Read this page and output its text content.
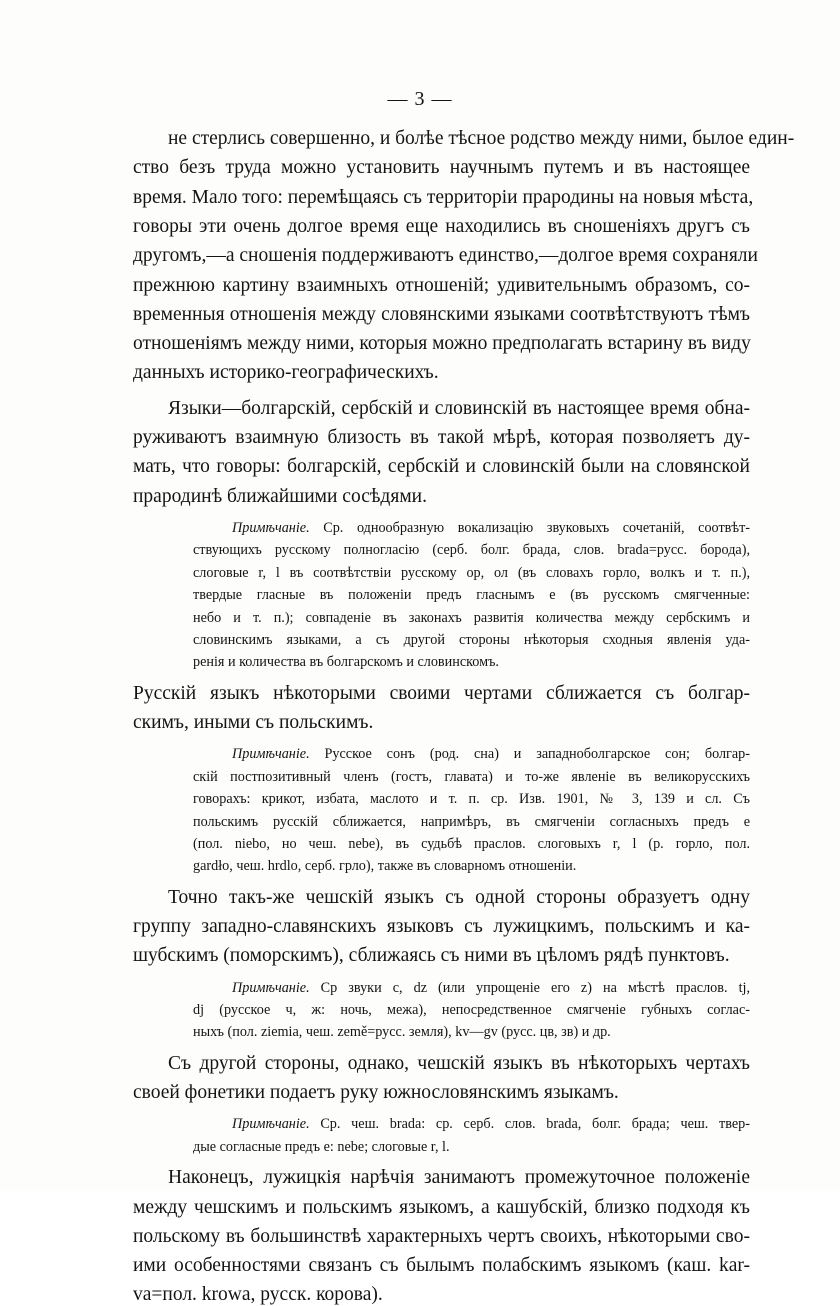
— 3 —
не стерлись совершенно, и болѣе тѣсное родство между ними, былое един-
ство безъ труда можно установить научнымъ путемъ и въ настоящее
время. Мало того: перемѣщаясь съ территоріи прародины на новыя мѣста,
говоры эти очень долгое время еще находились въ сношеніяхъ другъ съ
другомъ,—а сношенія поддерживаютъ единство,—долгое время сохраняли
прежнюю картину взаимныхъ отношеній; удивительнымъ образомъ, со-
временныя отношенія между словянскими языками соотвѣтствуютъ тѣмъ
отношеніямъ между ними, которыя можно предполагать встарину въ виду
данныхъ историко-географическихъ.
Языки—болгарскій, сербскій и словинскій въ настоящее время обна-
руживаютъ взаимную близость въ такой мѣрѣ, которая позволяетъ ду-
мать, что говоры: болгарскій, сербскій и словинскій были на словянской
прародинѣ ближайшими сосѣдями.
Примѣчаніе. Ср. однообразную вокализацію звуковыхъ сочетаній, соотвѣт-
ствующихъ русскому полногласію (серб. болг. брада, слов. brada=русс. борода),
слоговые r, l въ соотвѣтствіи русскому ор, ол (въ словахъ горло, волкъ и т. п.),
твердые гласные въ положеніи предъ гласнымъ е (въ русскомъ смягченные:
небо и т. п.); совпаденіе въ законахъ развитія количества между сербскимъ и
словинскимъ языками, а съ другой стороны нѣкоторыя сходныя явленія уда-
ренія и количества въ болгарскомъ и словинскомъ.
Русскій языкъ нѣкоторыми своими чертами сближается съ болгар-
скимъ, иными съ польскимъ.
Примѣчаніе. Русское сонъ (род. сна) и западноболгарское сон; болгар-
скій постпозитивный членъ (гостъ, главата) и то-же явленіе въ великорусскихъ
говорахъ: крикот, избата, маслото и т. п. ср. Изв. 1901, № 3, 139 и сл. Съ
польскимъ русскій сближается, напримѣръ, въ смягченіи согласныхъ предъ е
(пол. niebo, но чеш. nebe), въ судьбѣ праслов. слоговыхъ r, l (р. горло, пол.
gardło, чеш. hrdlo, серб. грло), также въ словарномъ отношеніи.
Точно такъ-же чешскій языкъ съ одной стороны образуетъ одну
группу западно-славянскихъ языковъ съ лужицкимъ, польскимъ и ка-
шубскимъ (поморскимъ), сближаясь съ ними въ цѣломъ рядѣ пунктовъ.
Примѣчаніе. Ср звуки c, dz (или упрощеніе его z) на мѣстѣ праслов. tj,
dj (русское ч, ж: ночь, межа), непосредственное смягченіе губныхъ соглас-
ныхъ (пол. ziemia, чеш. země=русс. земля), kv—gv (русс. цв, зв) и др.
Съ другой стороны, однако, чешскій языкъ въ нѣкоторыхъ чертахъ
своей фонетики подаетъ руку южнословянскимъ языкамъ.
Примѣчаніе. Ср. чеш. brada: ср. серб. слов. brada, болг. брада; чеш. твер-
дые согласные предъ е: nebe; слоговые r, l.
Наконецъ, лужицкія нарѣчія занимаютъ промежуточное положеніе
между чешскимъ и польскимъ языкомъ, а кашубскій, близко подходя къ
польскому въ большинствѣ характерныхъ чертъ своихъ, нѣкоторыми сво-
ими особенностями связанъ съ былымъ полабскимъ языкомъ (каш. kar-
va=пол. krowa, русск. корова).
